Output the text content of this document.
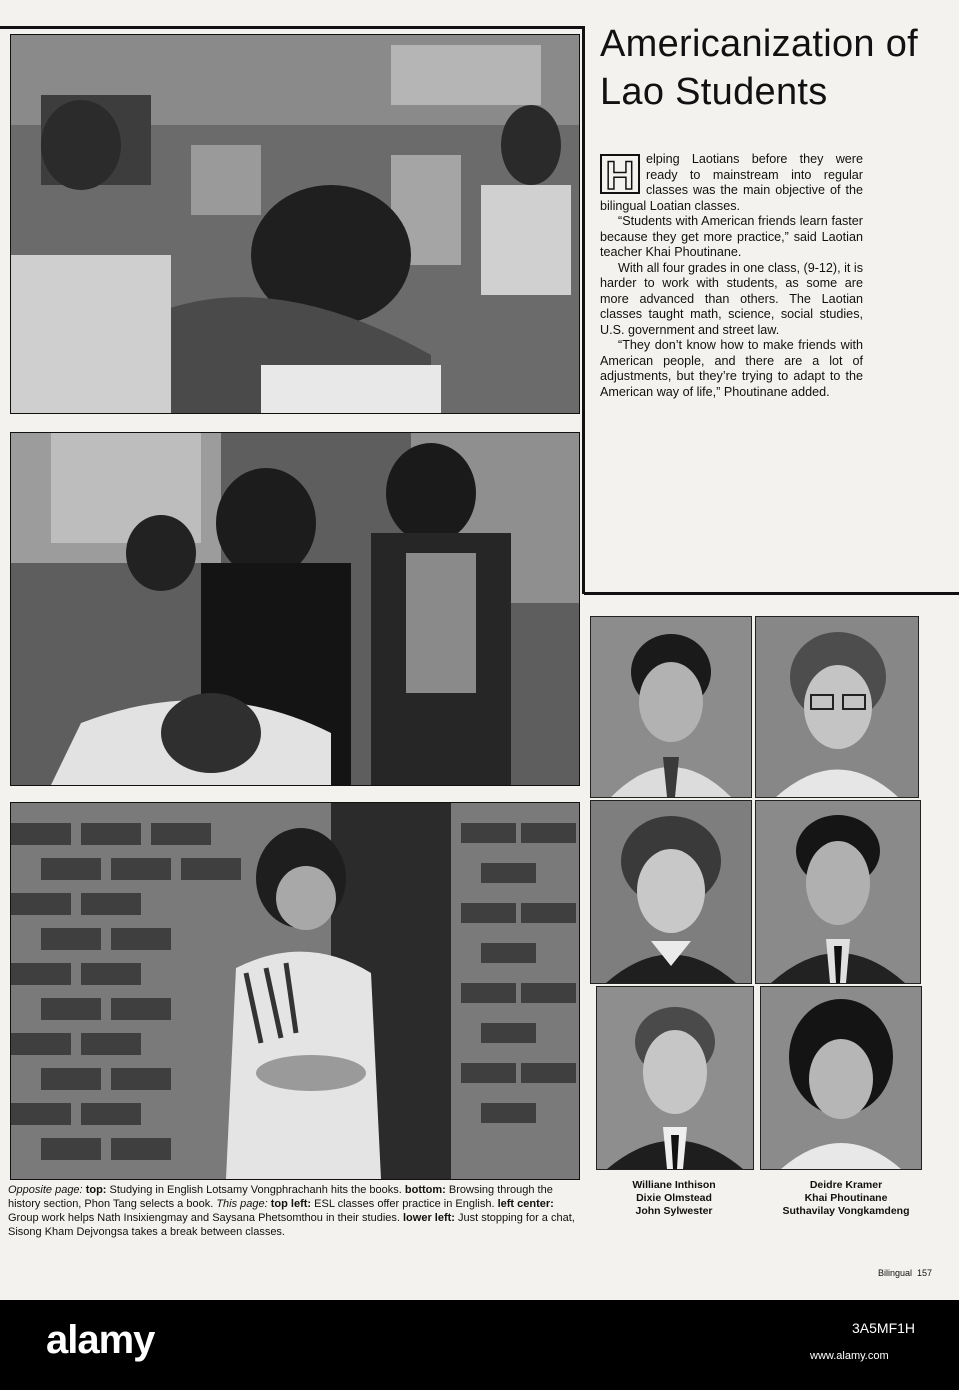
Americanization of Lao Students

H elping Laotians before they were ready to mainstream into regular classes was the main objective of the bilingual Loatian classes.

“Students with American friends learn faster because they get more practice,” said Laotian teacher Khai Phoutinane.

With all four grades in one class, (9-12), it is harder to work with students, as some are more advanced than others. The Laotian classes taught math, science, social studies, U.S. government and street law.

“They don’t know how to make friends with American people, and there are a lot of adjustments, but they’re trying to adapt to the American way of life,” Phoutinane added.

Williane Inthison
Dixie Olmstead
John Sylwester
Deidre Kramer
Khai Phoutinane
Suthavilay Vongkamdeng
Opposite page: top: Studying in English Lotsamy Vongphrachanh hits the books. bottom: Browsing through the history section, Phon Tang selects a book. This page: top left: ESL classes offer practice in English. left center: Group work helps Nath Insixiengmay and Saysana Phetsomthou in their studies. lower left: Just stopping for a chat, Sisong Kham Dejvongsa takes a break between classes.
Bilingual 157
alamy	3A5MF1H
www.alamy.com
